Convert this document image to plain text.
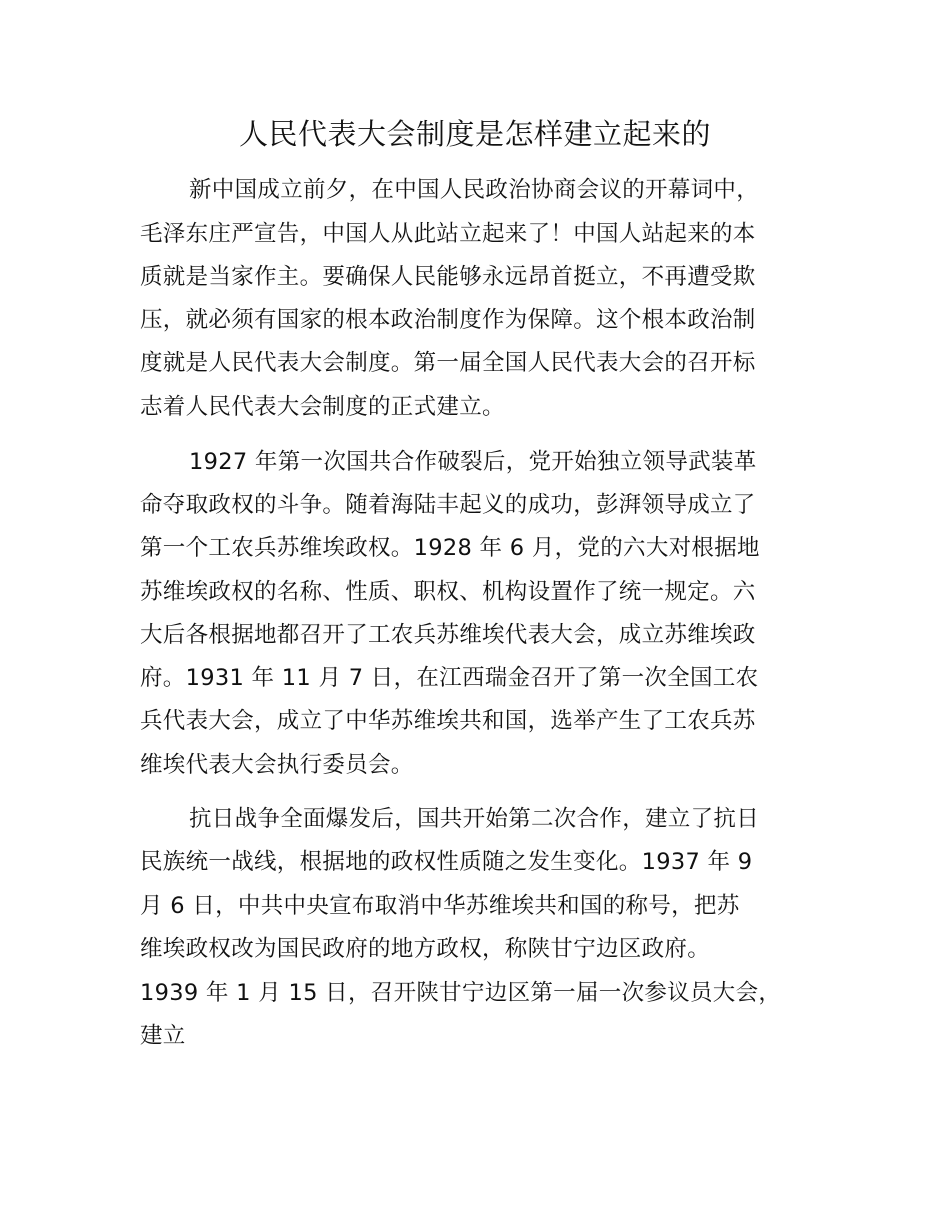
人民代表大会制度是怎样建立起来的
新中国成立前夕，在中国人民政治协商会议的开幕词中，
毛泽东庄严宣告，中国人从此站立起来了！中国人站起来的本
质就是当家作主。要确保人民能够永远昂首挺立，不再遭受欺
压，就必须有国家的根本政治制度作为保障。这个根本政治制
度就是人民代表大会制度。第一届全国人民代表大会的召开标
志着人民代表大会制度的正式建立。
1927 年第一次国共合作破裂后，党开始独立领导武装革
命夺取政权的斗争。随着海陆丰起义的成功，彭湃领导成立了
第一个工农兵苏维埃政权。1928 年 6 月，党的六大对根据地
苏维埃政权的名称、性质、职权、机构设置作了统一规定。六
大后各根据地都召开了工农兵苏维埃代表大会，成立苏维埃政
府。1931 年 11 月 7 日，在江西瑞金召开了第一次全国工农
兵代表大会，成立了中华苏维埃共和国，选举产生了工农兵苏
维埃代表大会执行委员会。
抗日战争全面爆发后，国共开始第二次合作，建立了抗日
民族统一战线，根据地的政权性质随之发生变化。1937 年 9
月 6 日，中共中央宣布取消中华苏维埃共和国的称号，把苏
维埃政权改为国民政府的地方政权，称陕甘宁边区政府。
1939 年 1 月 15 日，召开陕甘宁边区第一届一次参议员大会，
建立
